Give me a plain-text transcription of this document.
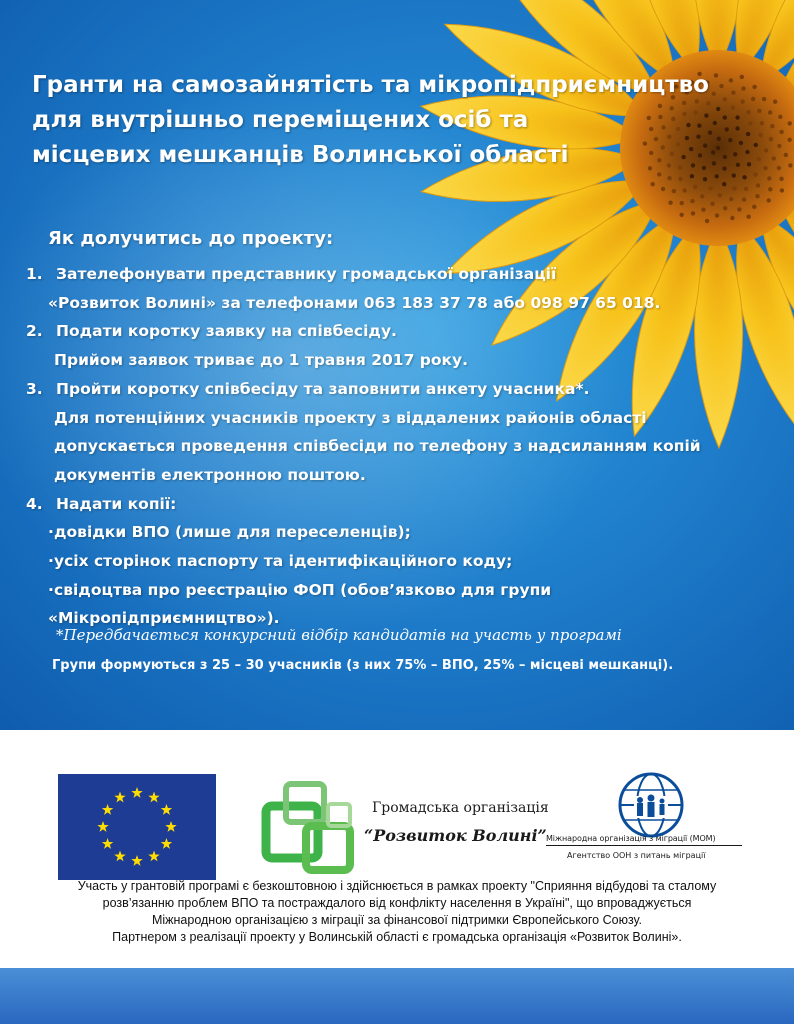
Гранти на самозайнятість та мікропідприємництво
для внутрішньо переміщених осіб та
місцевих мешканців Волинської області
Як долучитись до проекту:
1. Зателефонувати представнику громадської організації
«Розвиток Волині» за телефонами 063 183 37 78 або 098 97 65 018.
2. Подати коротку заявку на співбесіду.
Прийом заявок триває до 1 травня 2017 року.
3. Пройти коротку співбесіду та заповнити анкету учасника*.
Для потенційних учасників проекту з віддалених районів області
допускається проведення співбесіди по телефону з надсиланням копій
документів електронною поштою.
4. Надати копії:
·довідки ВПО (лише для переселенців);
·усіх сторінок паспорту та ідентифікаційного коду;
·свідоцтва про реєстрацію ФОП (обов’язково для групи
«Мікропідприємництво»).
*Передбачається конкурсний відбір кандидатів на участь у програмі
Групи формуються з 25 – 30 учасників (з них 75% – ВПО, 25% – місцеві мешканці).
Громадська організація
“Розвиток Волині” Міжнародна організація з міграції (МОМ)
Агентство ООН з питань міграції
Участь у грантовій програмі є безкоштовною і здійснюється в рамках проекту "Сприяння відбудові та сталому
розв’язанню проблем ВПО та постраждалого від конфлікту населення в Україні", що впроваджується
Міжнародною організацією з міграції за фінансової підтримки Європейського Союзу.
Партнером з реалізації проекту у Волинській області є громадська організація «Розвиток Волині».
